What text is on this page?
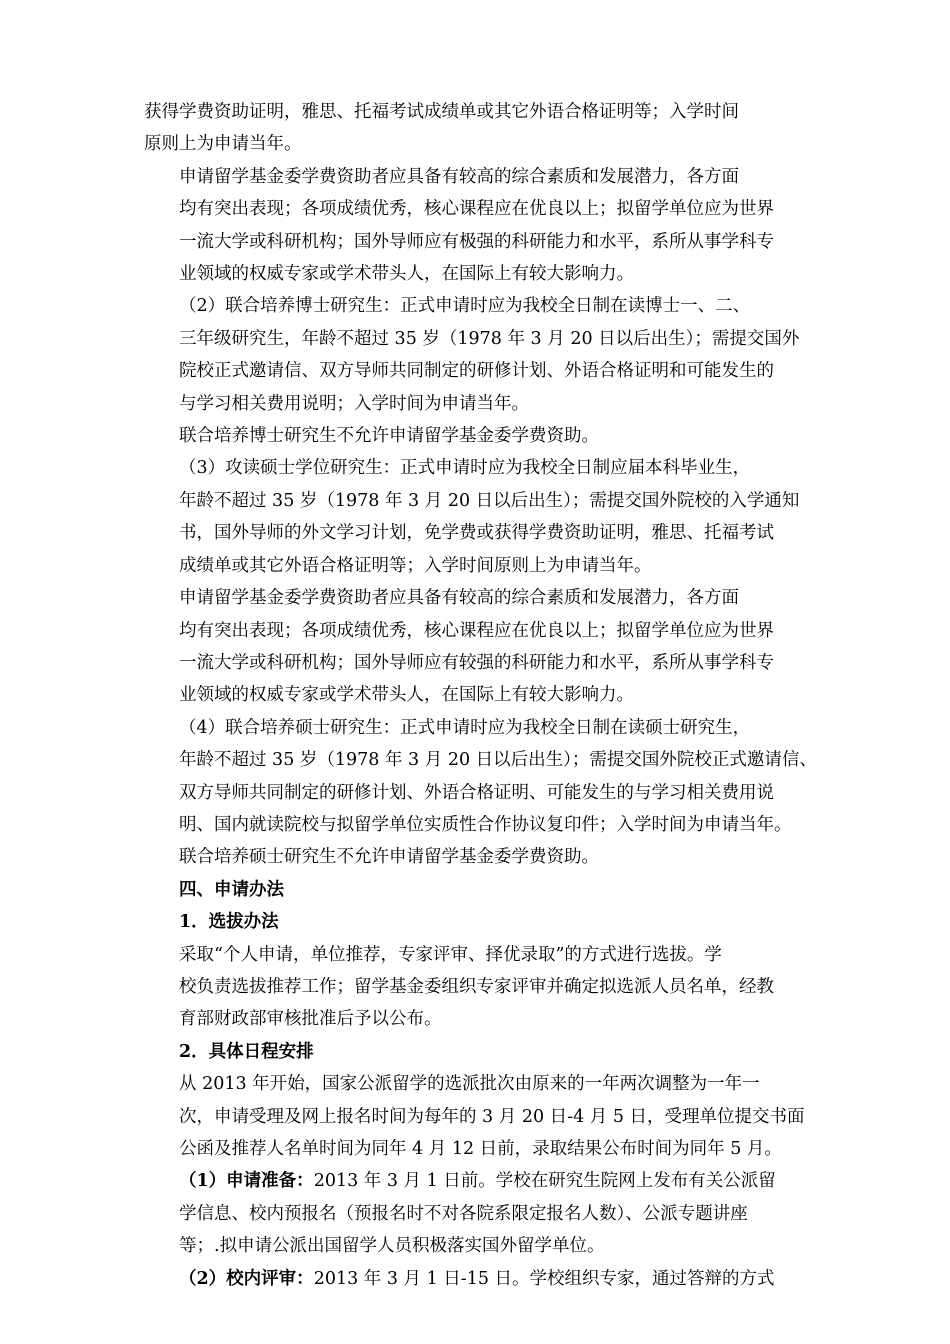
获得学费资助证明，雅思、托福考试成绩单或其它外语合格证明等；入学时间
原则上为申请当年。

申请留学基金委学费资助者应具备有较高的综合素质和发展潜力，各方面
均有突出表现；各项成绩优秀，核心课程应在优良以上；拟留学单位应为世界
一流大学或科研机构；国外导师应有极强的科研能力和水平，系所从事学科专
业领域的权威专家或学术带头人，在国际上有较大影响力。

（2）联合培养博士研究生：正式申请时应为我校全日制在读博士一、二、
三年级研究生，年龄不超过 35 岁（1978 年 3 月 20 日以后出生）；需提交国外
院校正式邀请信、双方导师共同制定的研修计划、外语合格证明和可能发生的
与学习相关费用说明；入学时间为申请当年。

联合培养博士研究生不允许申请留学基金委学费资助。

（3）攻读硕士学位研究生：正式申请时应为我校全日制应届本科毕业生，
年龄不超过 35 岁（1978 年 3 月 20 日以后出生）；需提交国外院校的入学通知
书，国外导师的外文学习计划，免学费或获得学费资助证明，雅思、托福考试
成绩单或其它外语合格证明等；入学时间原则上为申请当年。

申请留学基金委学费资助者应具备有较高的综合素质和发展潜力，各方面
均有突出表现；各项成绩优秀，核心课程应在优良以上；拟留学单位应为世界
一流大学或科研机构；国外导师应有较强的科研能力和水平，系所从事学科专
业领域的权威专家或学术带头人，在国际上有较大影响力。

（4）联合培养硕士研究生：正式申请时应为我校全日制在读硕士研究生，
年龄不超过 35 岁（1978 年 3 月 20 日以后出生）；需提交国外院校正式邀请信、
双方导师共同制定的研修计划、外语合格证明、可能发生的与学习相关费用说
明、国内就读院校与拟留学单位实质性合作协议复印件；入学时间为申请当年。

联合培养硕士研究生不允许申请留学基金委学费资助。

四、申请办法

1．选拔办法

采取“个人申请，单位推荐，专家评审、择优录取”的方式进行选拔。学
校负责选拔推荐工作；留学基金委组织专家评审并确定拟选派人员名单，经教
育部财政部审核批准后予以公布。

2．具体日程安排

从 2013 年开始，国家公派留学的选派批次由原来的一年两次调整为一年一
次，申请受理及网上报名时间为每年的 3 月 20 日-4 月 5 日，受理单位提交书面
公函及推荐人名单时间为同年 4 月 12 日前，录取结果公布时间为同年 5 月。

（1）申请准备：2013 年 3 月 1 日前。学校在研究生院网上发布有关公派留
学信息、校内预报名（预报名时不对各院系限定报名人数）、公派专题讲座
等；.拟申请公派出国留学人员积极落实国外留学单位。

（2）校内评审：2013 年 3 月 1 日-15 日。学校组织专家，通过答辩的方式
